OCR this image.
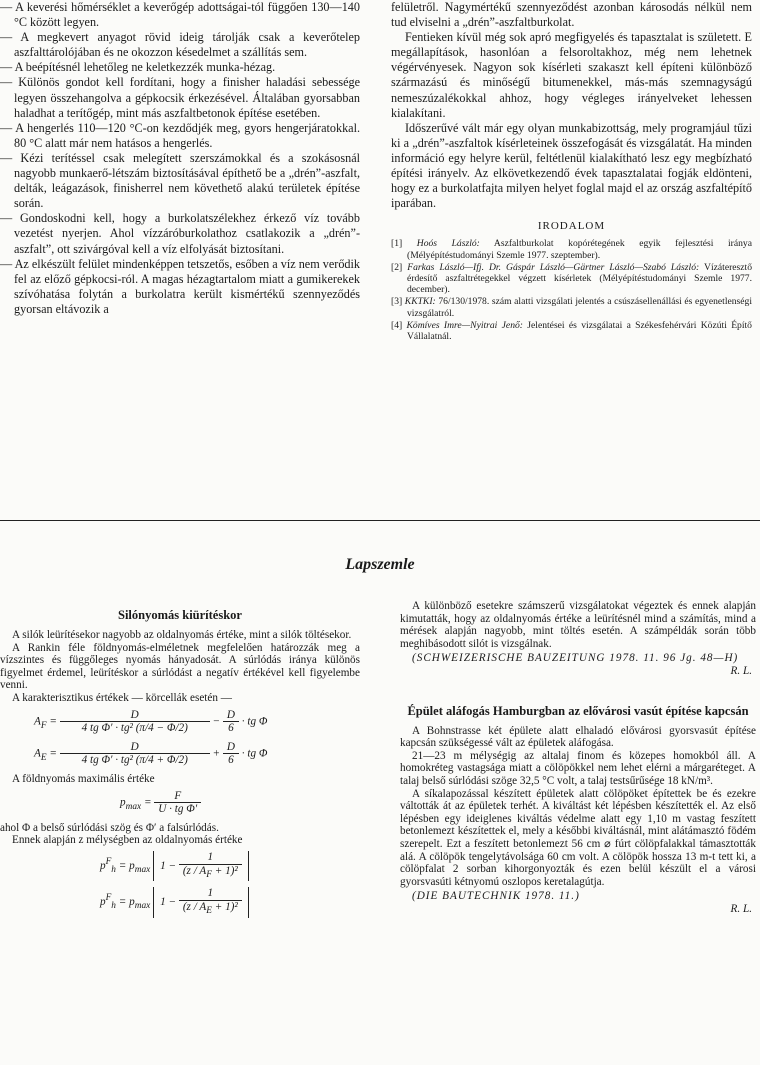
— A keverési hőmérséklet a keverőgép adottságai-tól függően 130—140 °C között legyen.

— A megkevert anyagot rövid ideig tárolják csak a keverőtelep aszfalttárolójában és ne okozzon késedelmet a szállítás sem.

— A beépítésnél lehetőleg ne keletkezzék munka-hézag.

— Különös gondot kell fordítani, hogy a finisher haladási sebessége legyen összehangolva a gépkocsik érkezésével. Általában gyorsabban haladhat a terítőgép, mint más aszfaltbetonok építése esetében.

— A hengerlés 110—120 °C-on kezdődjék meg, gyors hengerjáratokkal. 80 °C alatt már nem hatásos a hengerlés.

— Kézi terítéssel csak melegített szerszámokkal és a szokásosnál nagyobb munkaerő-létszám biztosításával építhető be a „drén”-aszfalt, delták, leágazások, finisherrel nem követhető alakú területek építése során.

— Gondoskodni kell, hogy a burkolatszélekhez érkező víz tovább vezetést nyerjen. Ahol vízzáróburkolathoz csatlakozik a „drén”-aszfalt”, ott szivárgóval kell a víz elfolyását biztosítani.

— Az elkészült felület mindenképpen tetszetős, esőben a víz nem verődik fel az előző gépkocsi-ról. A magas hézagtartalom miatt a gumikerekek szívóhatása folytán a burkolatra került kismértékű szennyeződés gyorsan eltávozik a

felületről. Nagymértékű szennyeződést azonban károsodás nélkül nem tud elviselni a „drén”-aszfaltburkolat.

Fentieken kívül még sok apró megfigyelés és tapasztalat is született. E megállapítások, hasonlóan a felsoroltakhoz, még nem lehetnek végérvényesek. Nagyon sok kísérleti szakaszt kell építeni különböző származású és minőségű bitumenekkel, más-más szemnagyságú nemeszúzalékokkal ahhoz, hogy végleges irányelveket lehessen kialakítani.

Időszerűvé vált már egy olyan munkabizottság, mely programjául tűzi ki a „drén”-aszfaltok kísérleteinek összefogását és vizsgálatát. Ha minden információ egy helyre kerül, feltétlenül kialakítható lesz egy megbízható építési irányelv. Az elkövetkezendő évek tapasztalatai fogják eldönteni, hogy ez a burkolatfajta milyen helyet foglal majd el az ország aszfaltépítő iparában.

IRODALOM

[1] Hoós László: Aszfaltburkolat kopórétegének egyik fejlesztési iránya (Mélyépítéstudományi Szemle 1977. szeptember).

[2] Farkas László—Ifj. Dr. Gáspár László—Gärtner László—Szabó László: Vízáteresztő érdesítő aszfaltrétegekkel végzett kísérletek (Mélyépítéstudományi Szemle 1977. december).

[3] KKTKI: 76/130/1978. szám alatti vizsgálati jelentés a csúszásellenállási és egyenetlenségi vizsgálatról.

[4] Kömíves Imre—Nyitrai Jenő: Jelentései és vizsgálatai a Székesfehérvári Közúti Építő Vállalatnál.

Lapszemle
Silónyomás kiürítéskor

A silók leürítésekor nagyobb az oldalnyomás értéke, mint a silók töltésekor.

A Rankin féle földnyomás-elméletnek megfelelően határozzák meg a vízszintes és függőleges nyomás hányadosát. A súrlódás iránya különös figyelmet érdemel, leürítéskor a súrlódást a negatív értékével kell figyelembe venni.

A karakterisztikus értékek — körcellák esetén —

$A_F = \frac{D}{\text{4 tg Φ′ · tg² (π/4 − Φ/2)}} - \frac{D}{6}$ · tg Φ
$A_E = \frac{D}{\text{4 tg Φ′ · tg² (π/4 + Φ/2)}} + \frac{D}{6}$ · tg Φ

A földnyomás maximális értéke

$p_{max} = \frac{F}{\text{U · tg Φ′}}$

ahol Φ a belső súrlódási szög és Φ′ a falsúrlódás.

Ennek alapján z mélységben az oldalnyomás értéke

$p^F_h = p_{max}$ $1 - \frac{1}{(z / A_F + 1)^2}$
$p^F_h = p_{max}$ $1 - \frac{1}{(z / A_E + 1)^2}$

A különböző esetekre számszerű vizsgálatokat végeztek és ennek alapján kimutatták, hogy az oldalnyomás értéke a leürítésnél mind a számítás, mind a mérések alapján nagyobb, mint töltés esetén. A számpéldák során több meghibásodott silót is vizsgálnak.

(SCHWEIZERISCHE BAUZEITUNG 1978. 11. 96 Jg. 48—H)

R. L.

Épület aláfogás Hamburgban az elővárosi vasút építése kapcsán

A Bohnstrasse két épülete alatt elhaladó elővárosi gyorsvasút építése kapcsán szükségessé vált az épületek aláfogása.

21—23 m mélységig az altalaj finom és közepes homokból áll. A homokréteg vastagsága miatt a cölöpökkel nem lehet elérni a márgaréteget. A talaj belső súrlódási szöge 32,5 °C volt, a talaj testsűrűsége 18 kN/m³.

A síkalapozással készített épületek alatt cölöpöket építettek be és ezekre váltották át az épületek terhét. A kiváltást két lépésben készítették el. Az első lépésben egy ideiglenes kiváltás védelme alatt egy 1,10 m vastag feszített betonlemezt készítettek el, mely a későbbi kiváltásnál, mint alátámasztó födém szerepelt. Ezt a feszített betonlemezt 56 cm ⌀ fúrt cölöpfalakkal támasztották alá. A cölöpök tengelytávolsága 60 cm volt. A cölöpök hossza 13 m-t tett ki, a cölöpfalat 2 sorban kihorgonyozták és ezen belül készült el a városi gyorsvasúti kétnyomú oszlopos keretalagútja.

(DIE BAUTECHNIK 1978. 11.)

R. L.
